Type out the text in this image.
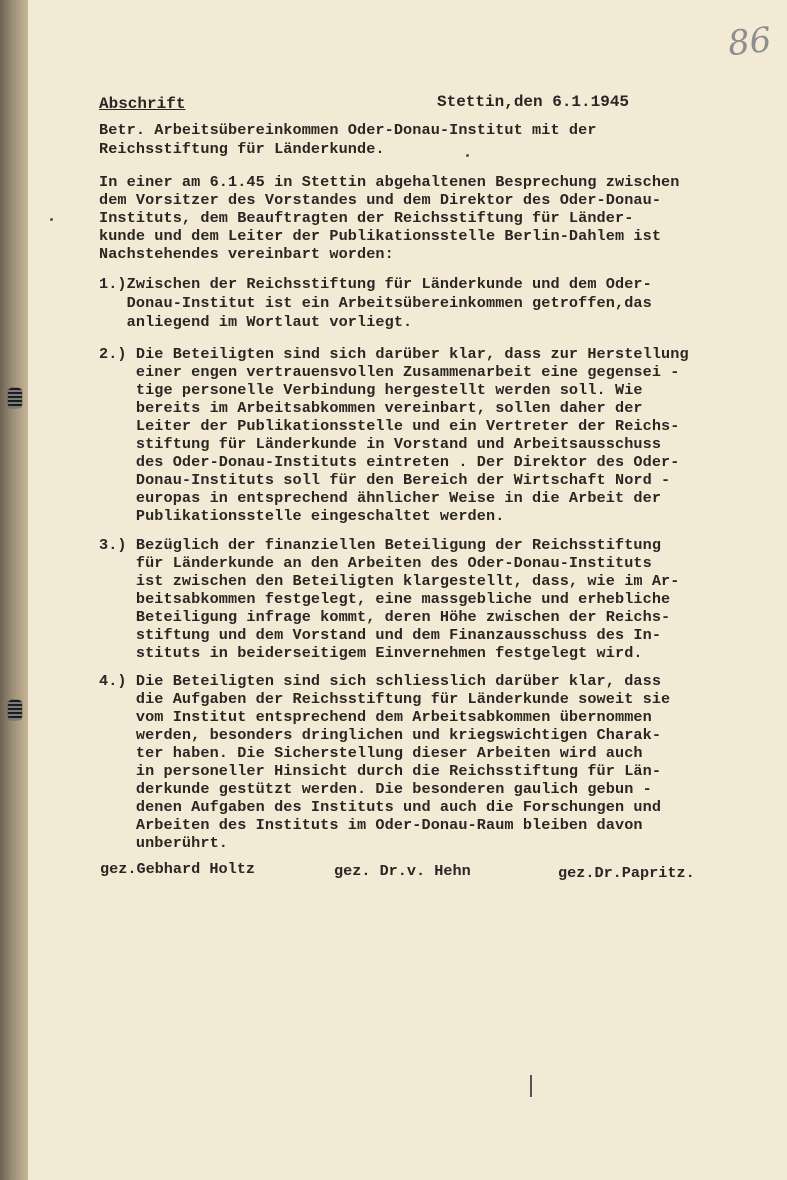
86
Abschrift	Stettin,den 6.1.1945
Betr. Arbeitsübereinkommen Oder-Donau-Institut mit der
Reichsstiftung für Länderkunde.
In einer am 6.1.45 in Stettin abgehaltenen Besprechung zwischen
dem Vorsitzer des Vorstandes und dem Direktor des Oder-Donau-
Instituts, dem Beauftragten der Reichsstiftung für Länder-
kunde und dem Leiter der Publikationsstelle Berlin-Dahlem ist
Nachstehendes vereinbart worden:
1.)Zwischen der Reichsstiftung für Länderkunde und dem Oder-
Donau-Institut ist ein Arbeitsübereinkommen getroffen,das
anliegend im Wortlaut vorliegt.
2.) Die Beteiligten sind sich darüber klar, dass zur Herstellung
einer engen vertrauensvollen Zusammenarbeit eine gegensei -
tige personelle Verbindung hergestellt werden soll. Wie
bereits im Arbeitsabkommen vereinbart, sollen daher der
Leiter der Publikationsstelle und ein Vertreter der Reichs-
stiftung für Länderkunde in Vorstand und Arbeitsausschuss
des Oder-Donau-Instituts eintreten . Der Direktor des Oder-
Donau-Instituts soll für den Bereich der Wirtschaft Nord -
europas in entsprechend ähnlicher Weise in die Arbeit der
Publikationsstelle eingeschaltet werden.
3.) Bezüglich der finanziellen Beteiligung der Reichsstiftung
für Länderkunde an den Arbeiten des Oder-Donau-Instituts
ist zwischen den Beteiligten klargestellt, dass, wie im Ar-
beitsabkommen festgelegt, eine massgebliche und erhebliche
Beteiligung infrage kommt, deren Höhe zwischen der Reichs-
stiftung und dem Vorstand und dem Finanzausschuss des In-
stituts in beiderseitigem Einvernehmen festgelegt wird.
4.) Die Beteiligten sind sich schliesslich darüber klar, dass
die Aufgaben der Reichsstiftung für Länderkunde soweit sie
vom Institut entsprechend dem Arbeitsabkommen übernommen
werden, besonders dringlichen und kriegswichtigen Charak-
ter haben. Die Sicherstellung dieser Arbeiten wird auch
in personeller Hinsicht durch die Reichsstiftung für Län-
derkunde gestützt werden. Die besonderen gaulich gebun -
denen Aufgaben des Instituts und auch die Forschungen und
Arbeiten des Instituts im Oder-Donau-Raum bleiben davon
unberührt.
gez.Gebhard Holtz	gez. Dr.v. Hehn	gez.Dr.Papritz.
